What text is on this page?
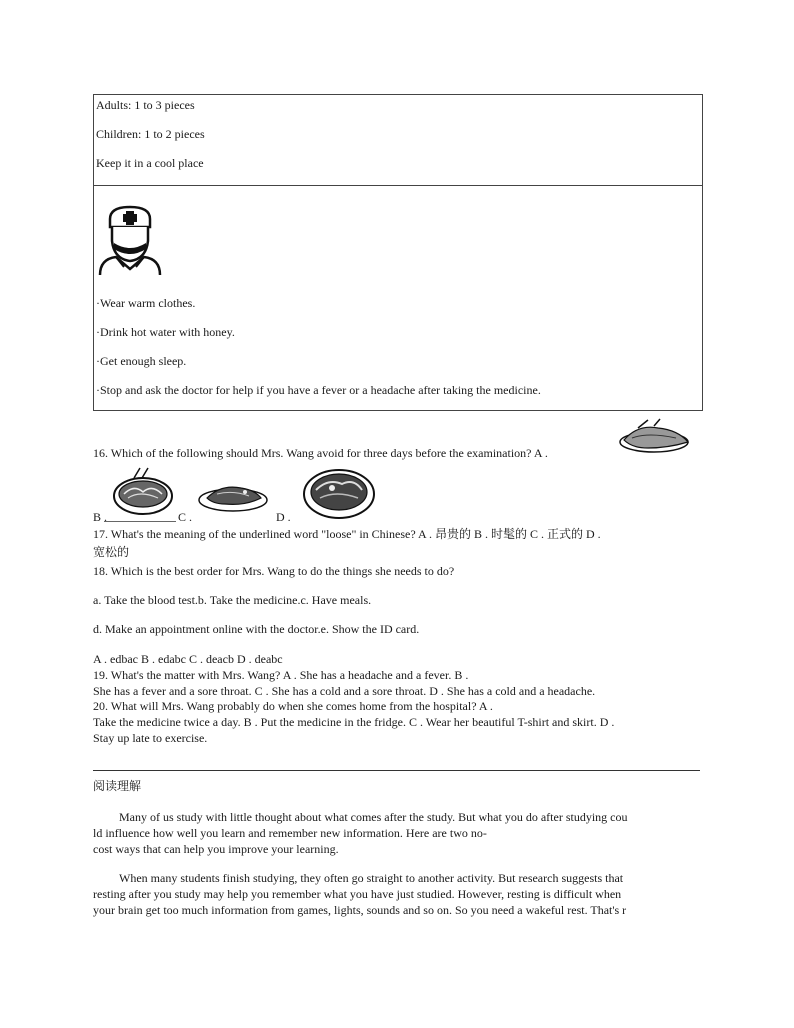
Adults: 1 to 3 pieces
Children: 1 to 2 pieces
Keep it in a cool place
·Wear warm clothes.
·Drink hot water with honey.
·Get enough sleep.
·Stop and ask the doctor for help if you have a fever or a headache after taking the medicine.
16. Which of the following should Mrs. Wang avoid for three days before the examination? A .
B .	C .	D .
17. What's the meaning of the underlined word "loose" in Chinese? A . 昂贵的 B . 时髦的 C . 正式的 D .
宽松的
18. Which is the best order for Mrs. Wang to do the things she needs to do?
a. Take the blood test.b. Take the medicine.c. Have meals.
d. Make an appointment online with the doctor.e. Show the ID card.
A . edbac B . edabc C . deacb D . deabc
19. What's the matter with Mrs. Wang? A . She has a headache and a fever. B .
She has a fever and a sore throat. C . She has a cold and a sore throat. D . She has a cold and a headache.
20. What will Mrs. Wang probably do when she comes home from the hospital? A .
Take the medicine twice a day. B . Put the medicine in the fridge. C . Wear her beautiful T-shirt and skirt. D .
Stay up late to exercise.
阅读理解
Many of us study with little thought about what comes after the study. But what you do after studying cou
ld influence how well you learn and remember new information. Here are two no-
cost ways that can help you improve your learning.
When many students finish studying, they often go straight to another activity. But research suggests that
resting after you study may help you remember what you have just studied. However, resting is difficult when
your brain get too much information from games, lights, sounds and so on. So you need a wakeful rest. That's r
